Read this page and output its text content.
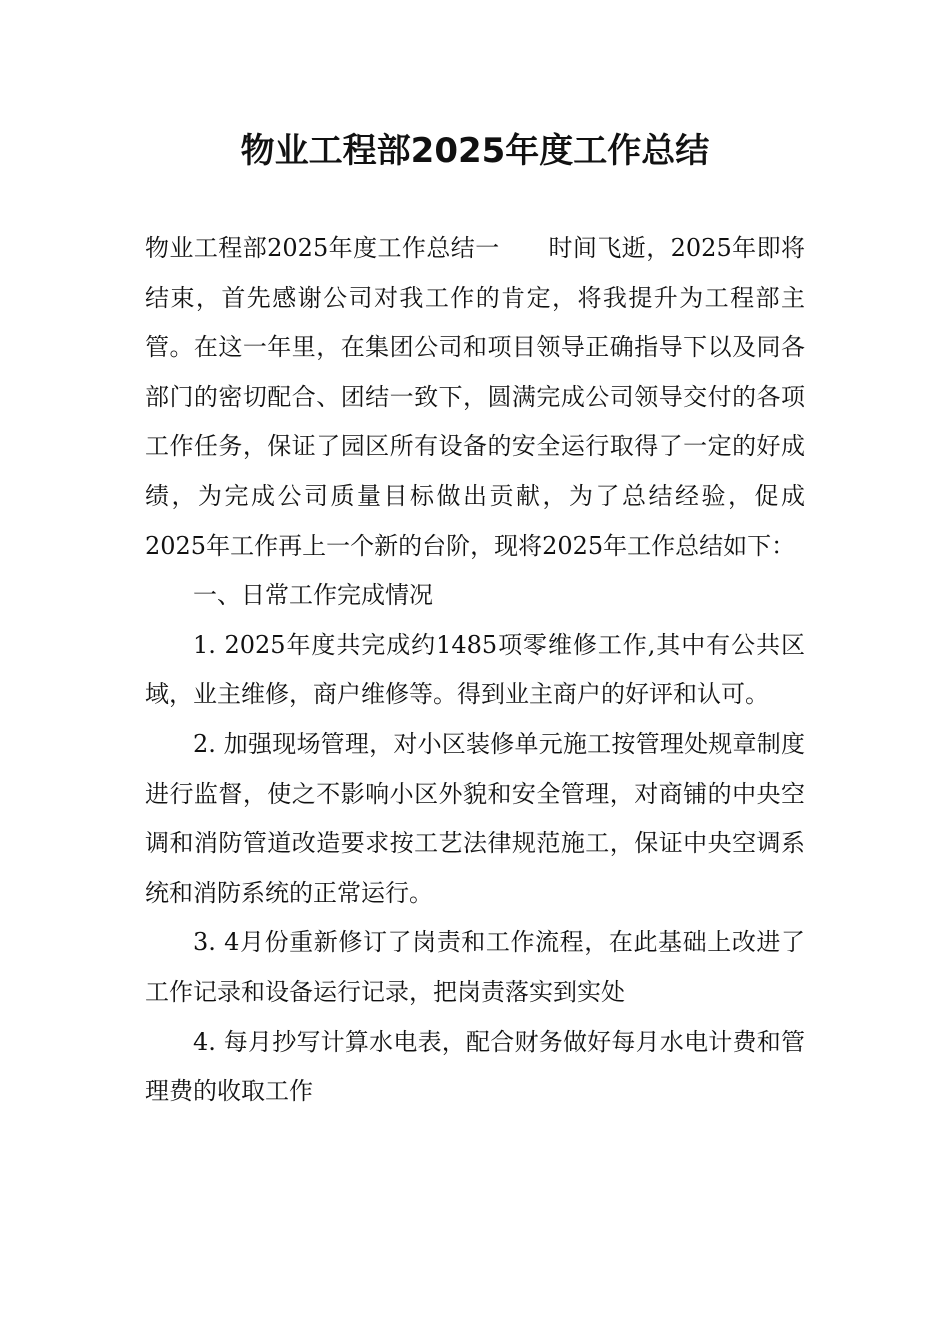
物业工程部2025年度工作总结

物业工程部2025年度工作总结一　　时间飞逝，2025年即将结束，首先感谢公司对我工作的肯定，将我提升为工程部主管。在这一年里，在集团公司和项目领导正确指导下以及同各部门的密切配合、团结一致下，圆满完成公司领导交付的各项工作任务，保证了园区所有设备的安全运行取得了一定的好成绩，为完成公司质量目标做出贡献，为了总结经验，促成2025年工作再上一个新的台阶，现将2025年工作总结如下：

一、日常工作完成情况

1. 2025年度共完成约1485项零维修工作,其中有公共区域，业主维修，商户维修等。得到业主商户的好评和认可。

2. 加强现场管理，对小区装修单元施工按管理处规章制度进行监督，使之不影响小区外貌和安全管理，对商铺的中央空调和消防管道改造要求按工艺法律规范施工，保证中央空调系统和消防系统的正常运行。

3. 4月份重新修订了岗责和工作流程，在此基础上改进了工作记录和设备运行记录，把岗责落实到实处

4. 每月抄写计算水电表，配合财务做好每月水电计费和管理费的收取工作
